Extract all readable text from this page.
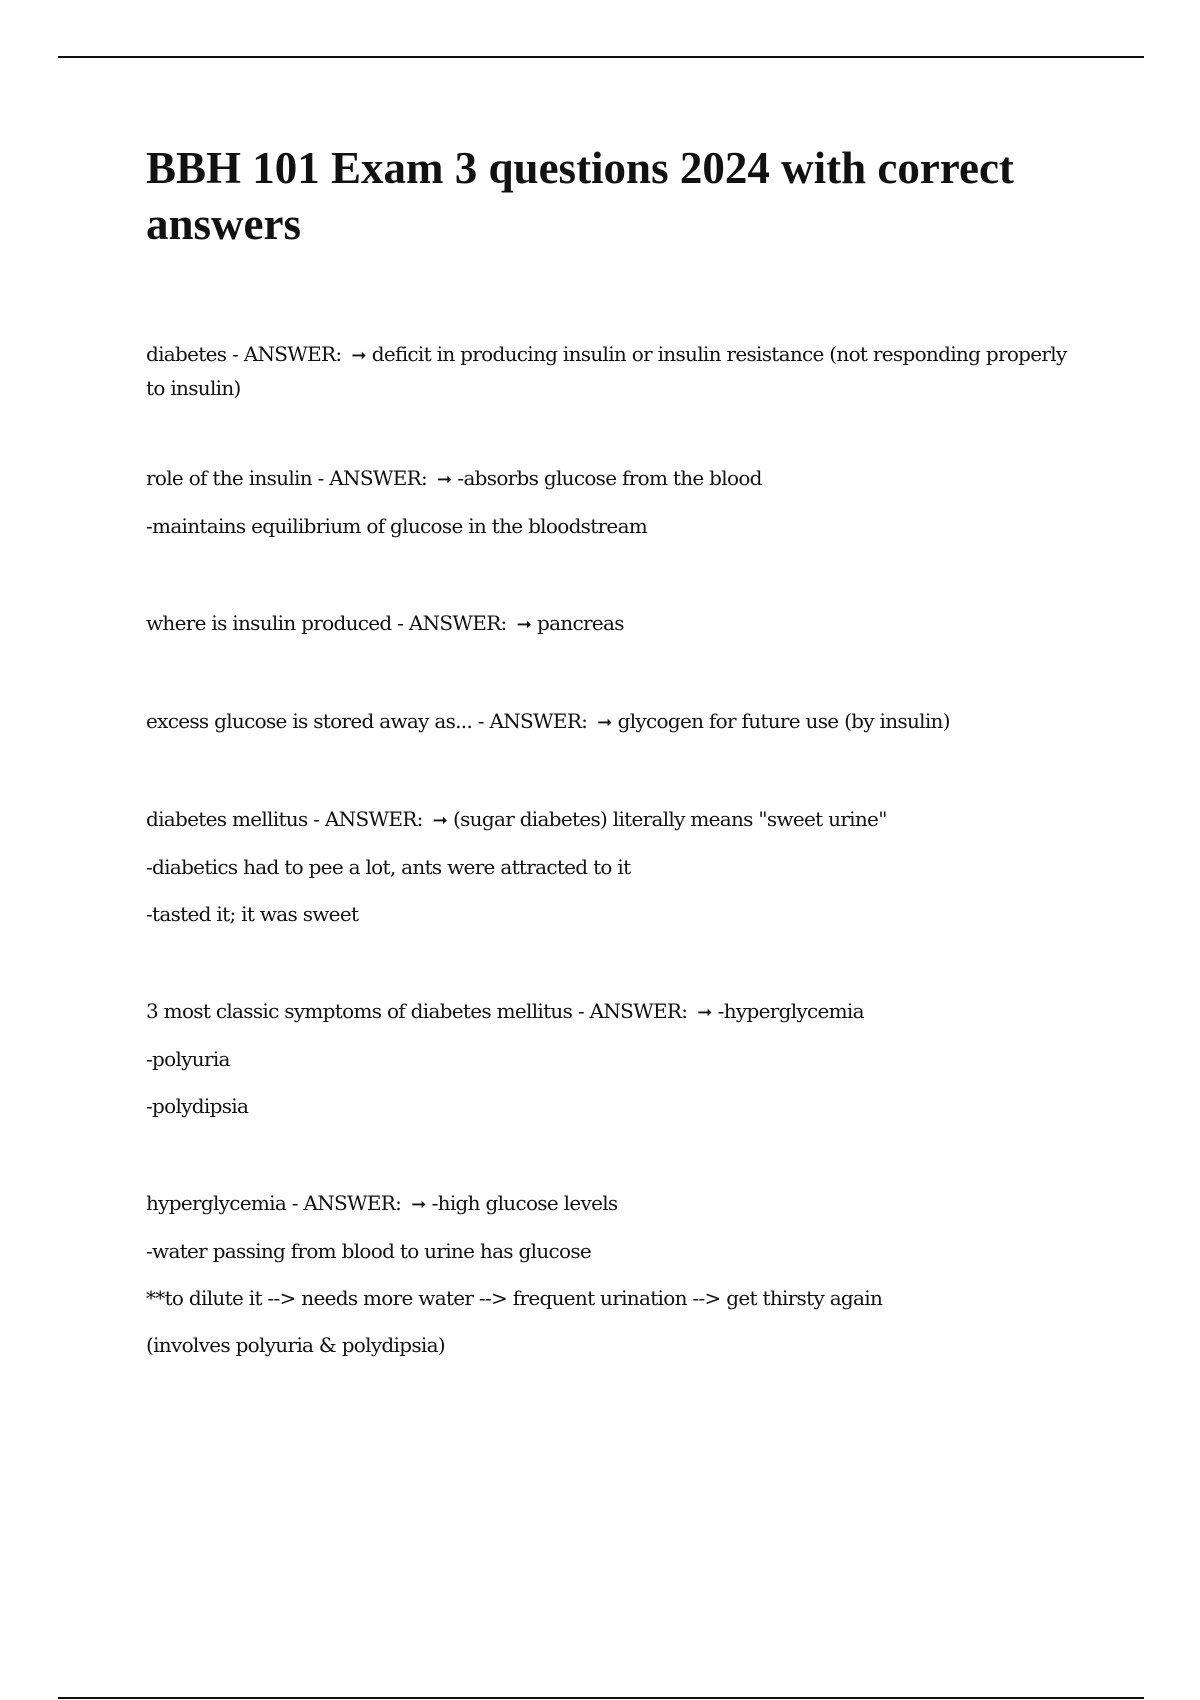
BBH 101 Exam 3 questions 2024 with correct answers
diabetes - ANSWER: ➞ deficit in producing insulin or insulin resistance (not responding properly to insulin)
role of the insulin - ANSWER: ➞ -absorbs glucose from the blood
-maintains equilibrium of glucose in the bloodstream
where is insulin produced - ANSWER: ➞ pancreas
excess glucose is stored away as... - ANSWER: ➞ glycogen for future use (by insulin)
diabetes mellitus - ANSWER: ➞ (sugar diabetes) literally means "sweet urine"
-diabetics had to pee a lot, ants were attracted to it
-tasted it; it was sweet
3 most classic symptoms of diabetes mellitus - ANSWER: ➞ -hyperglycemia
-polyuria
-polydipsia
hyperglycemia - ANSWER: ➞ -high glucose levels
-water passing from blood to urine has glucose
**to dilute it --> needs more water --> frequent urination --> get thirsty again
(involves polyuria & polydipsia)
